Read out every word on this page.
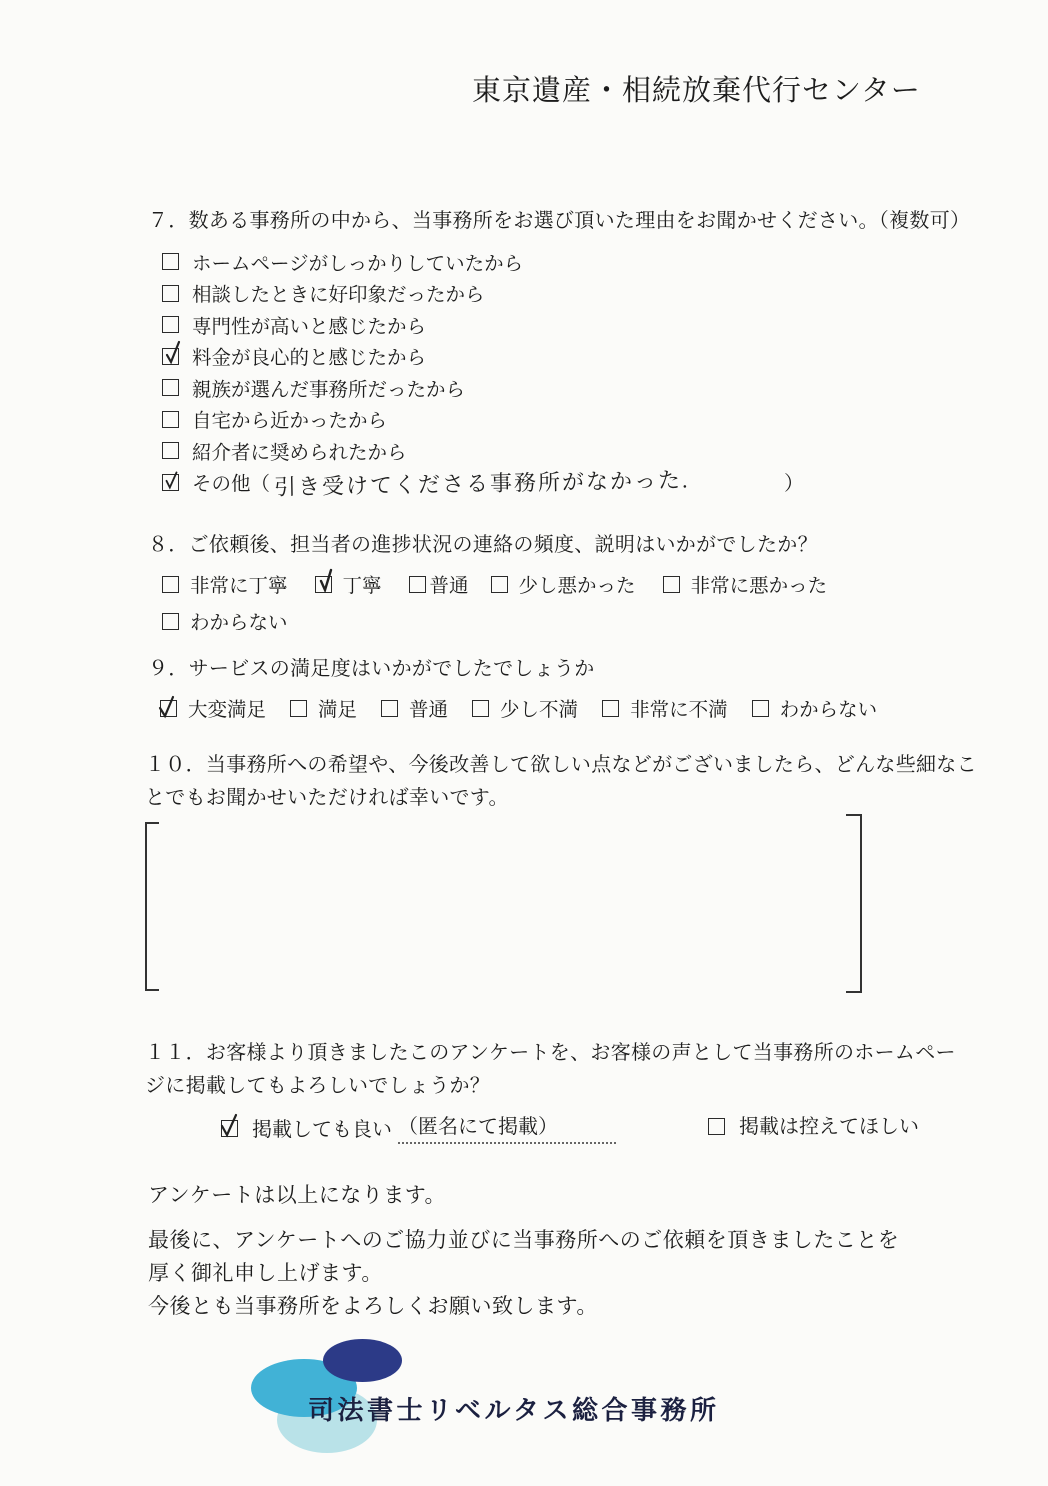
東京遺産・相続放棄代行センター

７．数ある事務所の中から、当事務所をお選び頂いた理由をお聞かせください。（複数可）

ホームページがしっかりしていたから
相談したときに好印象だったから
専門性が高いと感じたから
料金が良心的と感じたから
親族が選んだ事務所だったから
自宅から近かったから
紹介者に奨められたから
その他（ 引き受けてくださる事務所がなかった.	）

８．ご依頼後、担当者の進捗状況の連絡の頻度、説明はいかがでしたか？

非常に丁寧	丁寧 普通	少し悪かった	非常に悪かった
わからない

９．サービスの満足度はいかがでしたでしょうか

大変満足	満足	普通	少し不満	非常に不満	わからない

１０．当事務所への希望や、今後改善して欲しい点などがございましたら、どんな些細なこ
とでもお聞かせいただければ幸いです。

１１．お客様より頂きましたこのアンケートを、お客様の声として当事務所のホームペー
ジに掲載してもよろしいでしょうか？

掲載しても良い （匿名にて掲載）	掲載は控えてほしい

アンケートは以上になります。

最後に、アンケートへのご協力並びに当事務所へのご依頼を頂きましたことを
厚く御礼申し上げます。
今後とも当事務所をよろしくお願い致します。
司法書士リベルタス総合事務所
